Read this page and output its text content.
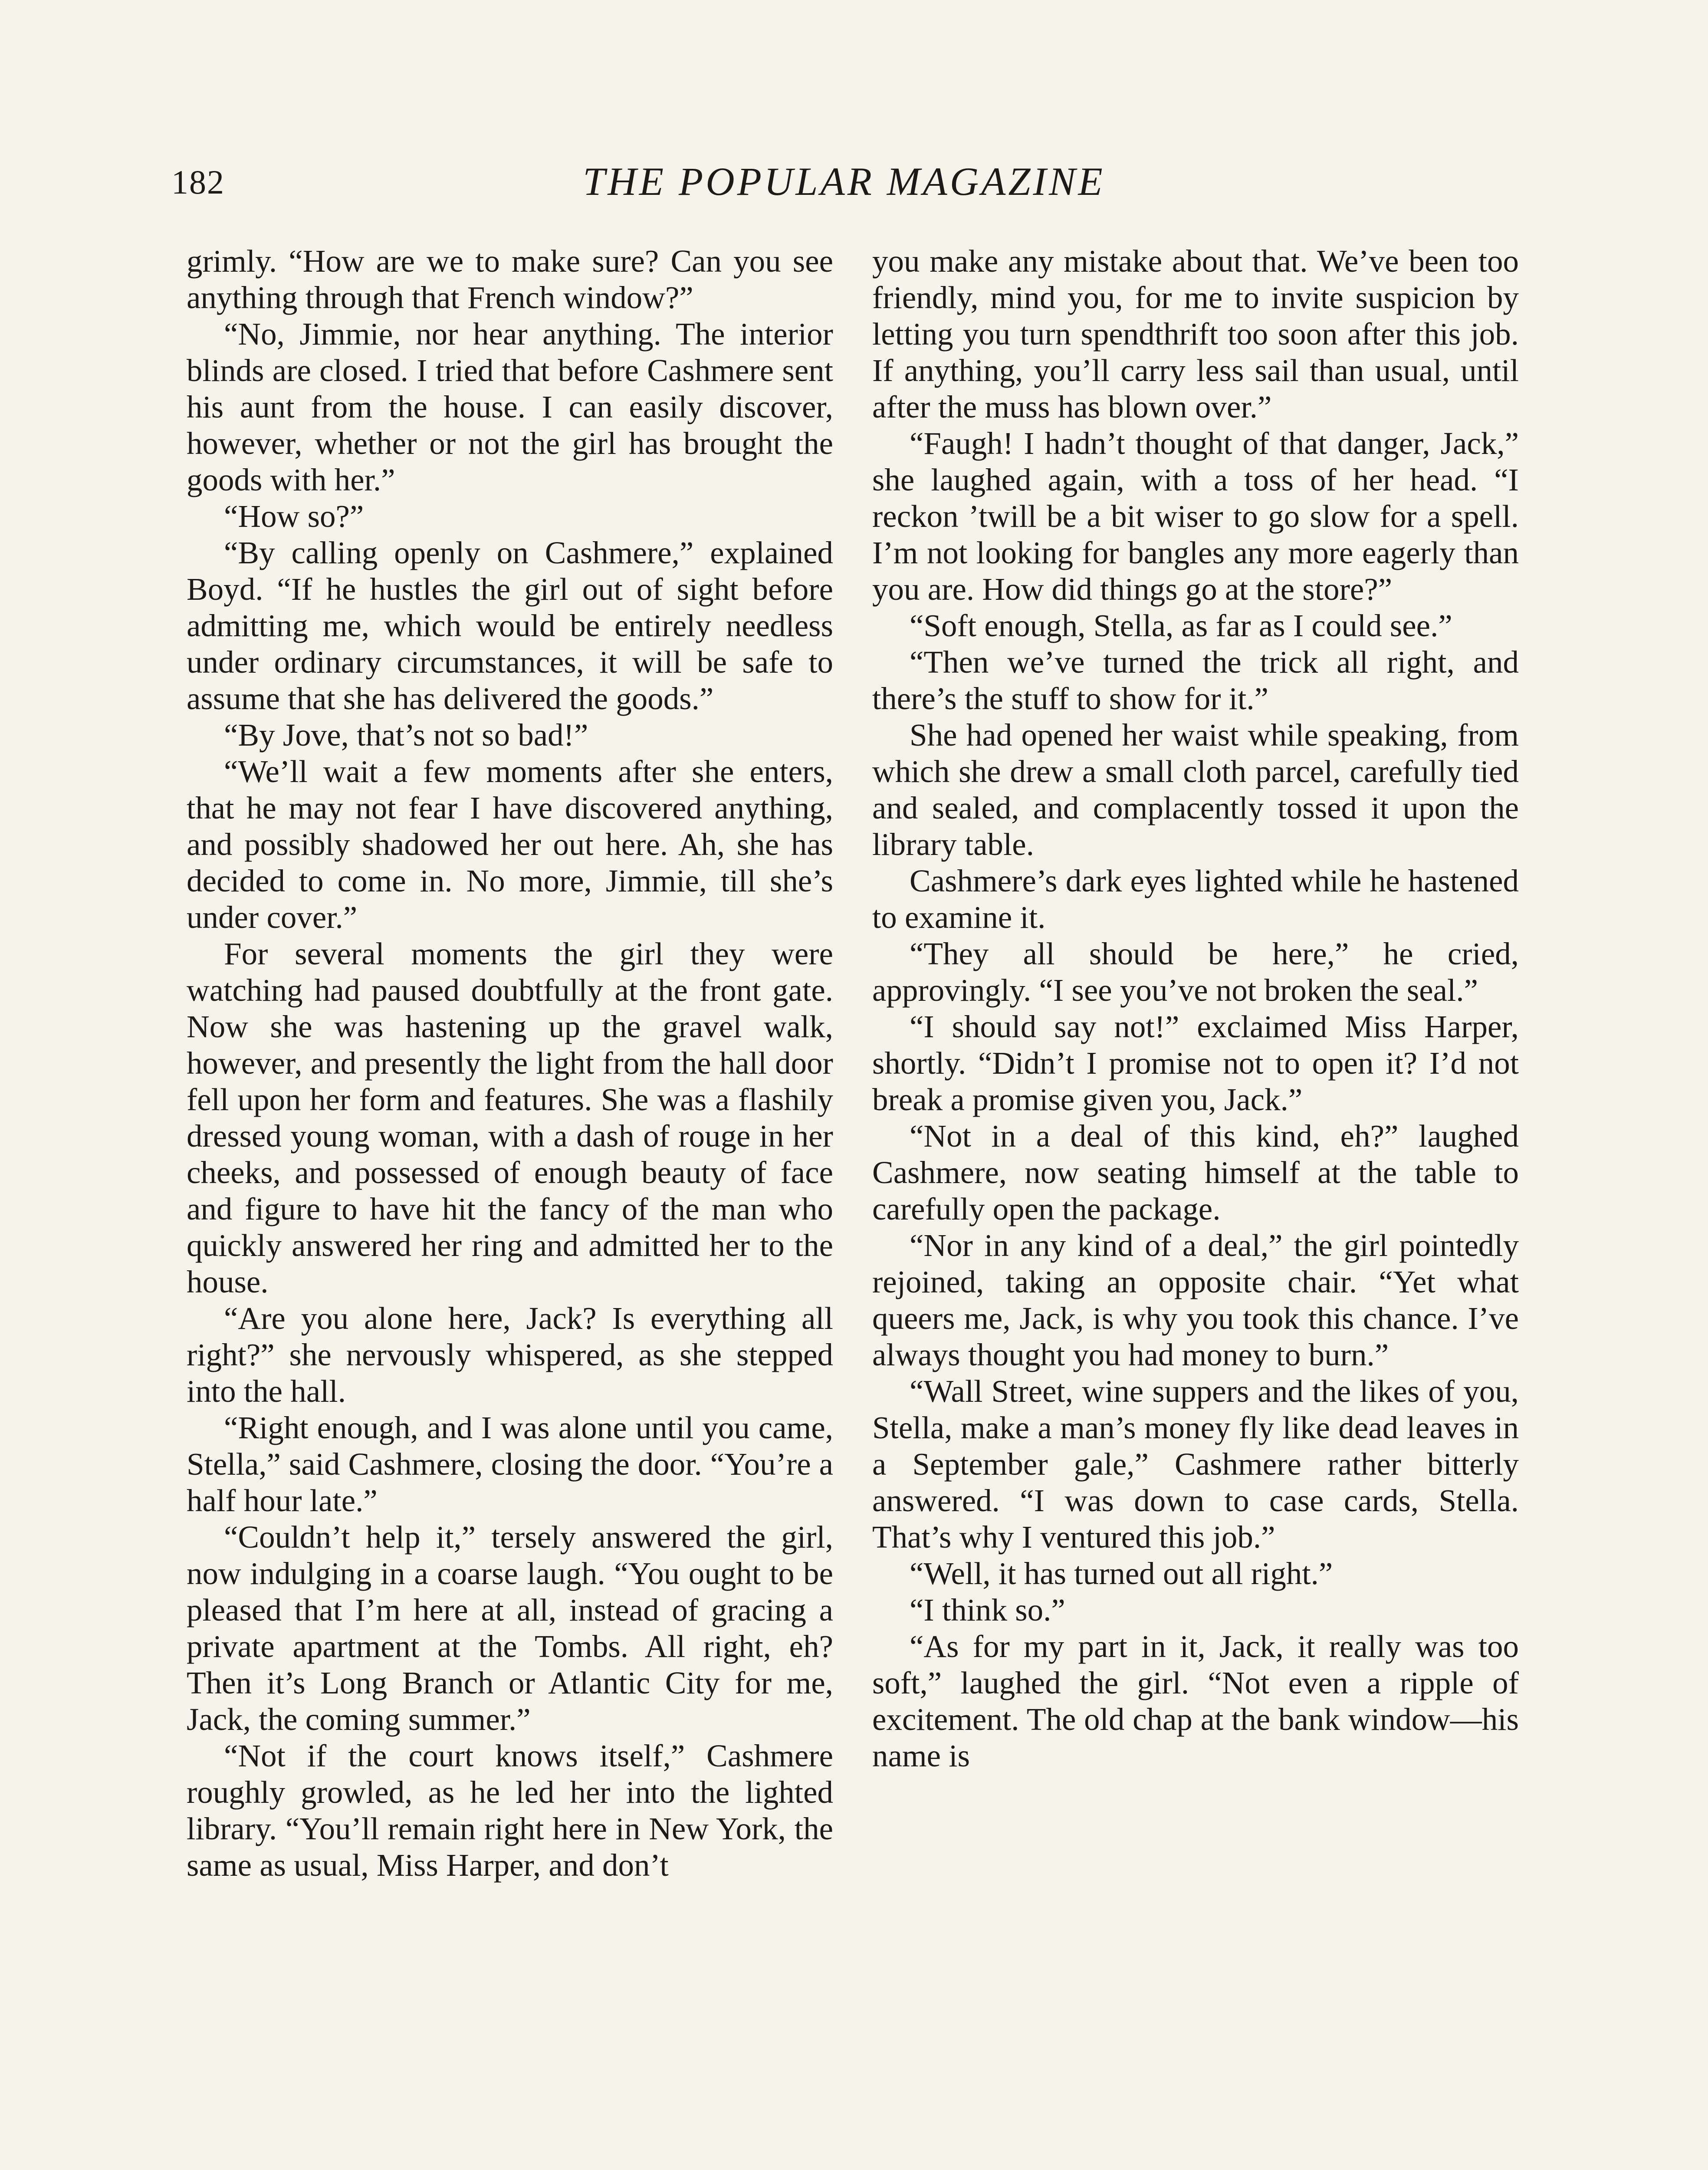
182	THE POPULAR MAGAZINE

grimly. “How are we to make sure? Can you see anything through that French window?”

“No, Jimmie, nor hear anything. The interior blinds are closed. I tried that before Cashmere sent his aunt from the house. I can easily discover, however, whether or not the girl has brought the goods with her.”

“How so?”

“By calling openly on Cashmere,” explained Boyd. “If he hustles the girl out of sight before admitting me, which would be entirely needless under ordinary circumstances, it will be safe to assume that she has delivered the goods.”

“By Jove, that’s not so bad!”

“We’ll wait a few moments after she enters, that he may not fear I have discovered anything, and possibly shadowed her out here. Ah, she has decided to come in. No more, Jimmie, till she’s under cover.”

For several moments the girl they were watching had paused doubtfully at the front gate. Now she was hastening up the gravel walk, however, and presently the light from the hall door fell upon her form and features. She was a flashily dressed young woman, with a dash of rouge in her cheeks, and possessed of enough beauty of face and figure to have hit the fancy of the man who quickly answered her ring and admitted her to the house.

“Are you alone here, Jack? Is everything all right?” she nervously whispered, as she stepped into the hall.

“Right enough, and I was alone until you came, Stella,” said Cashmere, closing the door. “You’re a half hour late.”

“Couldn’t help it,” tersely answered the girl, now indulging in a coarse laugh. “You ought to be pleased that I’m here at all, instead of gracing a private apartment at the Tombs. All right, eh? Then it’s Long Branch or Atlantic City for me, Jack, the coming summer.”

“Not if the court knows itself,” Cashmere roughly growled, as he led her into the lighted library. “You’ll remain right here in New York, the same as usual, Miss Harper, and don’t

you make any mistake about that. We’ve been too friendly, mind you, for me to invite suspicion by letting you turn spendthrift too soon after this job. If anything, you’ll carry less sail than usual, until after the muss has blown over.”

“Faugh! I hadn’t thought of that danger, Jack,” she laughed again, with a toss of her head. “I reckon ’twill be a bit wiser to go slow for a spell. I’m not looking for bangles any more eagerly than you are. How did things go at the store?”

“Soft enough, Stella, as far as I could see.”

“Then we’ve turned the trick all right, and there’s the stuff to show for it.”

She had opened her waist while speaking, from which she drew a small cloth parcel, carefully tied and sealed, and complacently tossed it upon the library table.

Cashmere’s dark eyes lighted while he hastened to examine it.

“They all should be here,” he cried, approvingly. “I see you’ve not broken the seal.”

“I should say not!” exclaimed Miss Harper, shortly. “Didn’t I promise not to open it? I’d not break a promise given you, Jack.”

“Not in a deal of this kind, eh?” laughed Cashmere, now seating himself at the table to carefully open the package.

“Nor in any kind of a deal,” the girl pointedly rejoined, taking an opposite chair. “Yet what queers me, Jack, is why you took this chance. I’ve always thought you had money to burn.”

“Wall Street, wine suppers and the likes of you, Stella, make a man’s money fly like dead leaves in a September gale,” Cashmere rather bitterly answered. “I was down to case cards, Stella. That’s why I ventured this job.”

“Well, it has turned out all right.”

“I think so.”

“As for my part in it, Jack, it really was too soft,” laughed the girl. “Not even a ripple of excitement. The old chap at the bank window—his name is
